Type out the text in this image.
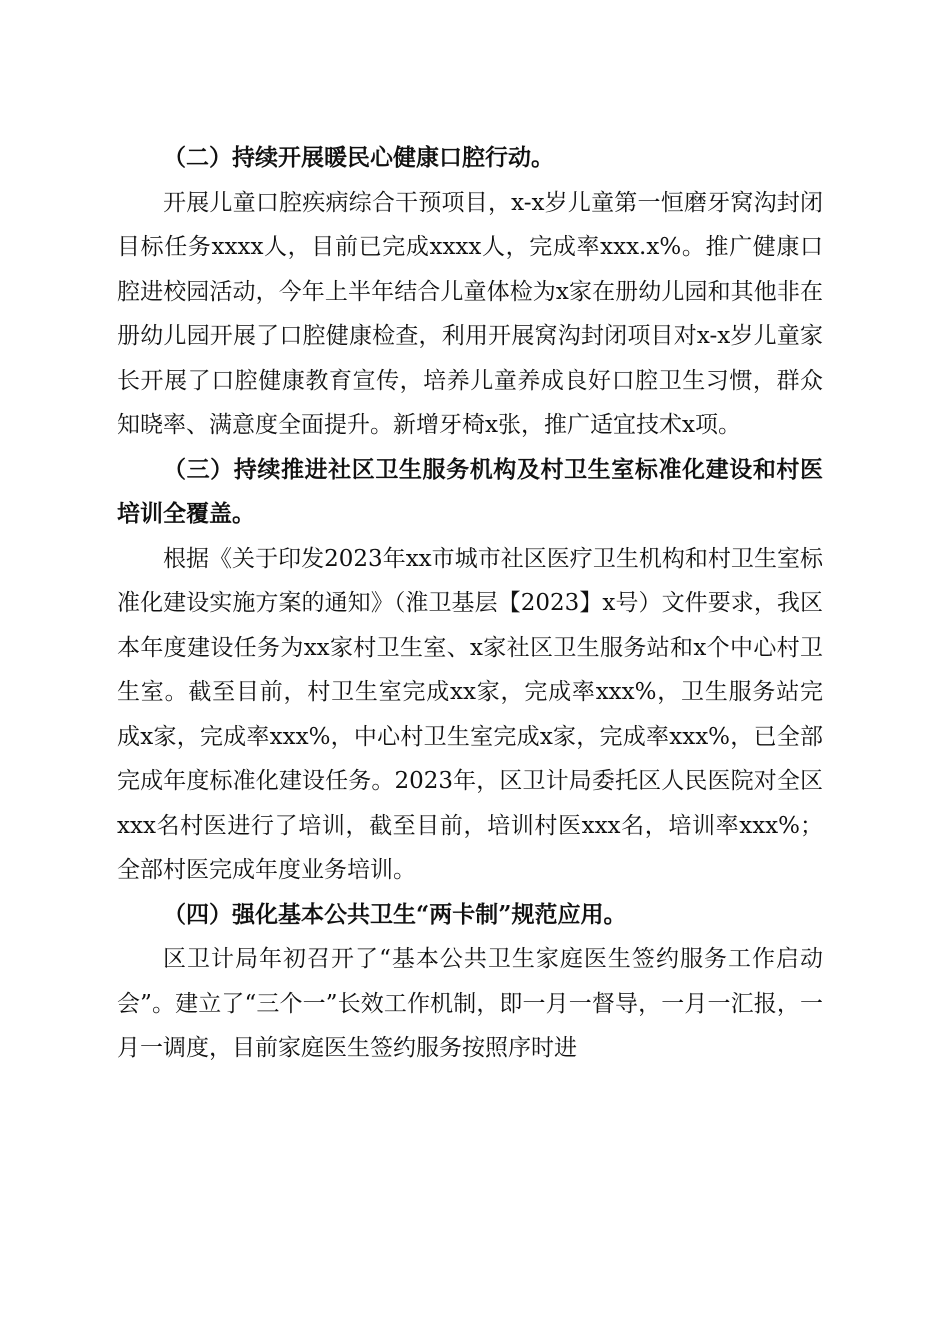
（二）持续开展暖民心健康口腔行动。

开展儿童口腔疾病综合干预项目，x-x岁儿童第一恒磨牙窝沟封闭目标任务xxxx人，目前已完成xxxx人，完成率xxx.x%。推广健康口腔进校园活动，今年上半年结合儿童体检为x家在册幼儿园和其他非在册幼儿园开展了口腔健康检查，利用开展窝沟封闭项目对x-x岁儿童家长开展了口腔健康教育宣传，培养儿童养成良好口腔卫生习惯，群众知晓率、满意度全面提升。新增牙椅x张，推广适宜技术x项。

（三）持续推进社区卫生服务机构及村卫生室标准化建设和村医培训全覆盖。

根据《关于印发2023年xx市城市社区医疗卫生机构和村卫生室标准化建设实施方案的通知》（淮卫基层【2023】x号）文件要求，我区本年度建设任务为xx家村卫生室、x家社区卫生服务站和x个中心村卫生室。截至目前，村卫生室完成xx家，完成率xxx%，卫生服务站完成x家，完成率xxx%，中心村卫生室完成x家，完成率xxx%，已全部完成年度标准化建设任务。2023年，区卫计局委托区人民医院对全区xxx名村医进行了培训，截至目前，培训村医xxx名，培训率xxx%；全部村医完成年度业务培训。

（四）强化基本公共卫生“两卡制”规范应用。

区卫计局年初召开了“基本公共卫生家庭医生签约服务工作启动会”。建立了“三个一”长效工作机制，即一月一督导，一月一汇报，一月一调度，目前家庭医生签约服务按照序时进
